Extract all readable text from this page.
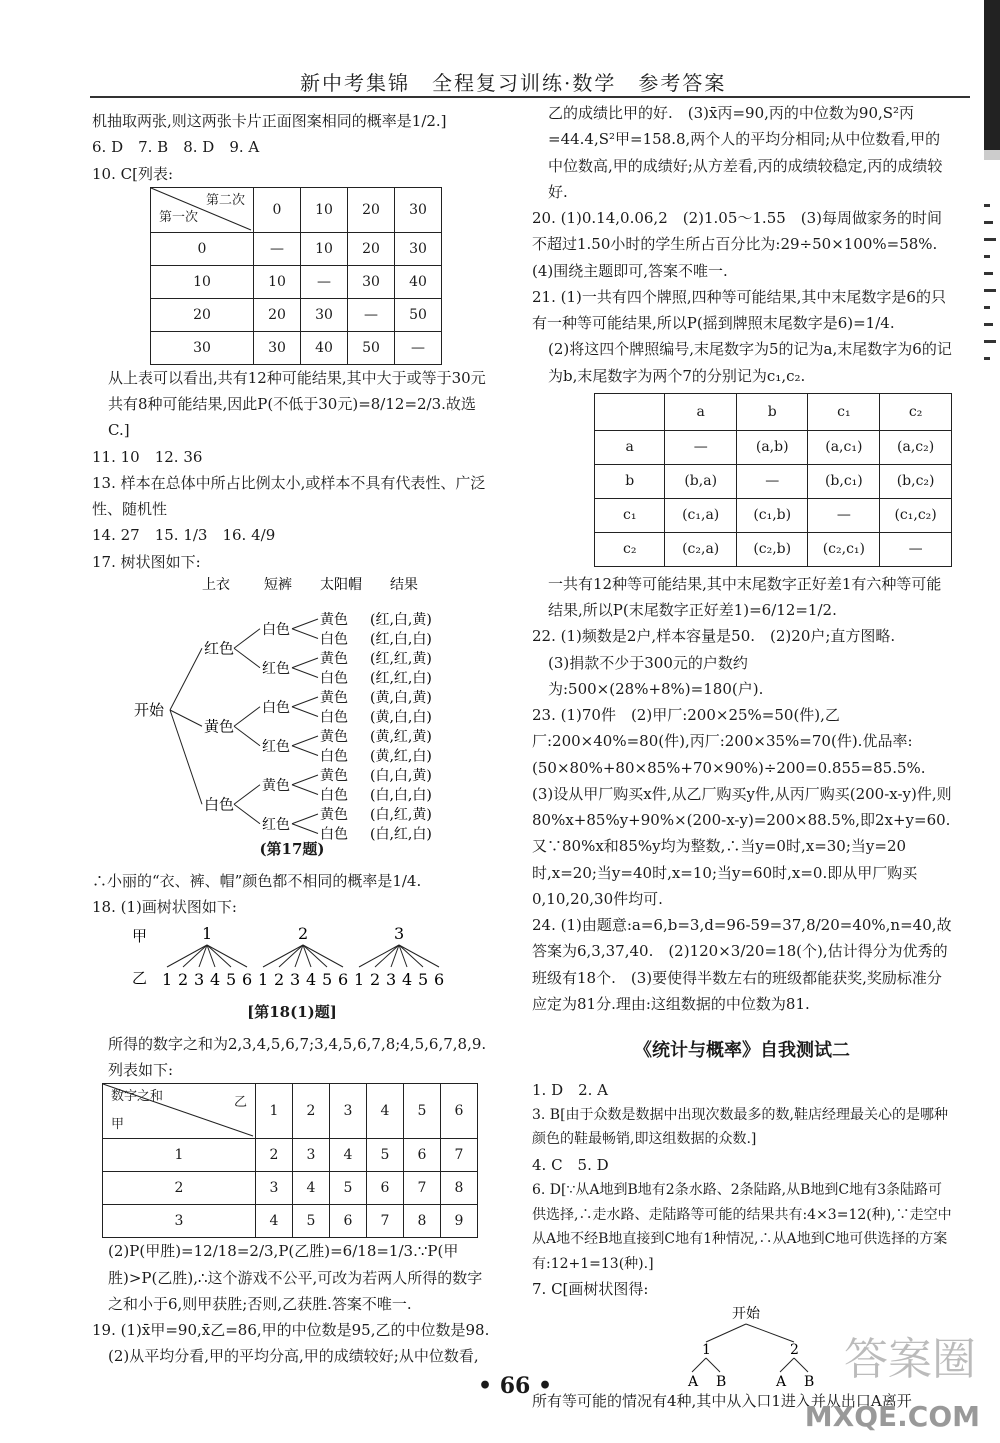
新中考集锦　全程复习训练·数学　参考答案

机抽取两张,则这两张卡片正面图案相同的概率是1/2.]

6. D　7. B　8. D　9. A

10. C[列表:

第二次
第一次	0	10	20	30
0	—	10	20	30
10	10	—	30	40
20	20	30	—	50
30	30	40	50	—

从上表可以看出,共有12种可能结果,其中大于或等于30元共有8种可能结果,因此P(不低于30元)=8/12=2/3.故选C.]

11. 10　12. 36

13. 样本在总体中所占比例太小,或样本不具有代表性、广泛性、随机性

14. 27　15. 1/3　16. 4/9

17. 树状图如下:

上衣 短裤 太阳帽 结果
开始
红色
白色
黄色 (红,白,黄)
白色 (红,白,白)
红色
黄色 (红,红,黄)
白色 (红,红,白)
黄色
白色
黄色 (黄,白,黄)
白色 (黄,白,白)
红色
黄色 (黄,红,黄)
白色 (黄,红,白)
白色
黄色
黄色 (白,白,黄)
白色 (白,白,白)
红色
黄色 (白,红,黄)
白色 (白,红,白)
(第17题)

∴小丽的“衣、裤、帽”颜色都不相同的概率是1/4.

18. (1)画树状图如下:

甲
乙
1
1 2 3 4 5 6
2
1 2 3 4 5 6
3
1 2 3 4 5 6
[第18(1)题]

所得的数字之和为2,3,4,5,6,7;3,4,5,6,7,8;4,5,6,7,8,9.列表如下:

数字之和 乙
甲	1	2	3	4	5	6
1	2	3	4	5	6	7
2	3	4	5	6	7	8
3	4	5	6	7	8	9

(2)P(甲胜)=12/18=2/3,P(乙胜)=6/18=1/3.∵P(甲胜)>P(乙胜),∴这个游戏不公平,可改为若两人所得的数字之和小于6,则甲获胜;否则,乙获胜.答案不唯一.

19. (1)x̄甲=90,x̄乙=86,甲的中位数是95,乙的中位数是98.

(2)从平均分看,甲的平均分高,甲的成绩较好;从中位数看,

乙的成绩比甲的好.　(3)x̄丙=90,丙的中位数为90,S²丙=44.4,S²甲=158.8,两个人的平均分相同;从中位数看,甲的中位数高,甲的成绩好;从方差看,丙的成绩较稳定,丙的成绩较好.

20. (1)0.14,0.06,2　(2)1.05～1.55　(3)每周做家务的时间不超过1.50小时的学生所占百分比为:29÷50×100%=58%.　(4)围绕主题即可,答案不唯一.

21. (1)一共有四个牌照,四种等可能结果,其中末尾数字是6的只有一种等可能结果,所以P(摇到牌照末尾数字是6)=1/4.

(2)将这四个牌照编号,末尾数字为5的记为a,末尾数字为6的记为b,末尾数字为两个7的分别记为c₁,c₂.

	a	b	c₁	c₂
a	—	(a,b)	(a,c₁)	(a,c₂)
b	(b,a)	—	(b,c₁)	(b,c₂)
c₁	(c₁,a)	(c₁,b)	—	(c₁,c₂)
c₂	(c₂,a)	(c₂,b)	(c₂,c₁)	—

一共有12种等可能结果,其中末尾数字正好差1有六种等可能结果,所以P(末尾数字正好差1)=6/12=1/2.

22. (1)频数是2户,样本容量是50.　(2)20户;直方图略.

(3)捐款不少于300元的户数约为:500×(28%+8%)=180(户).

23. (1)70件　(2)甲厂:200×25%=50(件),乙厂:200×40%=80(件),丙厂:200×35%=70(件).优品率:(50×80%+80×85%+70×90%)÷200=0.855=85.5%.　(3)设从甲厂购买x件,从乙厂购买y件,从丙厂购买(200-x-y)件,则80%x+85%y+90%×(200-x-y)=200×88.5%,即2x+y=60.又∵80%x和85%y均为整数,∴当y=0时,x=30;当y=20时,x=20;当y=40时,x=10;当y=60时,x=0.即从甲厂购买0,10,20,30件均可.

24. (1)由题意:a=6,b=3,d=96-59=37,8/20=40%,n=40,故答案为6,3,37,40.　(2)120×3/20=18(个),估计得分为优秀的班级有18个.　(3)要使得半数左右的班级都能获奖,奖励标准分应定为81分.理由:这组数据的中位数为81.

《统计与概率》自我测试二

1. D　2. A

3. B[由于众数是数据中出现次数最多的数,鞋店经理最关心的是哪种颜色的鞋最畅销,即这组数据的众数.]

4. C　5. D

6. D[∵从A地到B地有2条水路、2条陆路,从B地到C地有3条陆路可供选择,∴走水路、走陆路等可能的结果共有:4×3=12(种),∵走空中从A地不经B地直接到C地有1种情况,∴从A地到C地可供选择的方案有:12+1=13(种).]

7. C[画树状图得:

开始
1
A B
2
A B

所有等可能的情况有4种,其中从入口1进入并从出口A离开

• 66 •
答案圈
MXQE.COM
